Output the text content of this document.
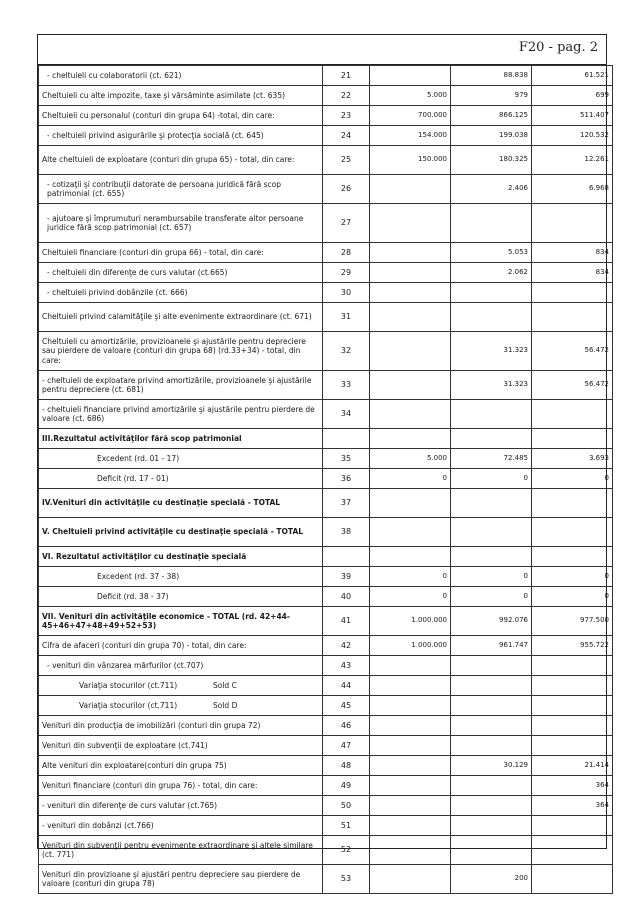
F20 - pag. 2
- cheltuieli cu colaboratorii (ct. 621)	21		88.838	61.521
Cheltuieli cu alte impozite, taxe şi vărsăminte asimilate (ct. 635)	22	5.000	979	699
Cheltuieli cu personalul (conturi din grupa 64) -total, din care:	23	700.000	866.125	511.407
- cheltuieli privind asigurările şi protecţia socială (ct. 645)	24	154.000	199.038	120.532
Alte cheltuieli de exploatare (conturi din grupa 65) - total, din care:	25	150.000	180.325	12.261
- cotizaţii şi contribuţii datorate de persoana juridică fără scop patrimonial (ct. 655)	26		2.406	6.968
- ajutoare şi împrumuturi nerambursabile transferate altor persoane juridice fără scop patrimonial (ct. 657)	27			
Cheltuieli financiare (conturi din grupa 66) - total, din care:	28		5.053	834
- cheltuieli din diferenţe de curs valutar (ct.665)	29		2.062	834
- cheltuieli privind dobânzile (ct. 666)	30			
Cheltuieli privind calamităţile şi alte evenimente extraordinare (ct. 671)	31			
Cheltuieli cu amortizările, provizioanele şi ajustările pentru depreciere sau pierdere de valoare (conturi din grupa 68) (rd.33+34) - total, din care:	32		31.323	56.472
- cheltuieli de exploatare privind amortizările, provizioanele şi ajustările pentru depreciere (ct. 681)	33		31.323	56.472
- cheltuieli financiare privind amortizările şi ajustările pentru pierdere de valoare (ct. 686)	34			
III.Rezultatul activităţilor fără scop patrimonial				
Excedent (rd. 01 - 17)	35	5.000	72.485	3.693
Deficit (rd. 17 - 01)	36	0	0	0
IV.Venituri din activităţile cu destinaţie specială - TOTAL	37			
V. Cheltuieli privind activităţile cu destinaţie specială - TOTAL	38			
VI. Rezultatul activităţilor cu destinaţie specială				
Excedent (rd. 37 - 38)	39	0	0	0
Deficit (rd. 38 - 37)	40	0	0	0
VII. Venituri din activităţile economice - TOTAL (rd. 42+44-45+46+47+48+49+52+53)	41	1.000.000	992.076	977.500
Cifra de afaceri (conturi din grupa 70) - total, din care:	42	1.000.000	961.747	955.722
- venituri din vânzarea mărfurilor (ct.707)	43			

Variaţia stocurilor (ct.711) Sold C	44			

Variaţia stocurilor (ct.711) Sold D	45			
Venituri din producţia de imobilizări (conturi din grupa 72)	46			
Venituri din subvenţii de exploatare (ct.741)	47			
Alte venituri din exploatare(conturi din grupa 75)	48		30.129	21.414
Venituri financiare (conturi din grupa 76) - total, din care:	49			364
- venituri din diferenţe de curs valutar (ct.765)	50			364
- venituri din dobânzi (ct.766)	51			
Venituri din subvenţii pentru evenimente extraordinare şi altele similare (ct. 771)	52			
Venituri din provizioane şi ajustări pentru depreciere sau pierdere de valoare (conturi din grupa 78)	53		200	
